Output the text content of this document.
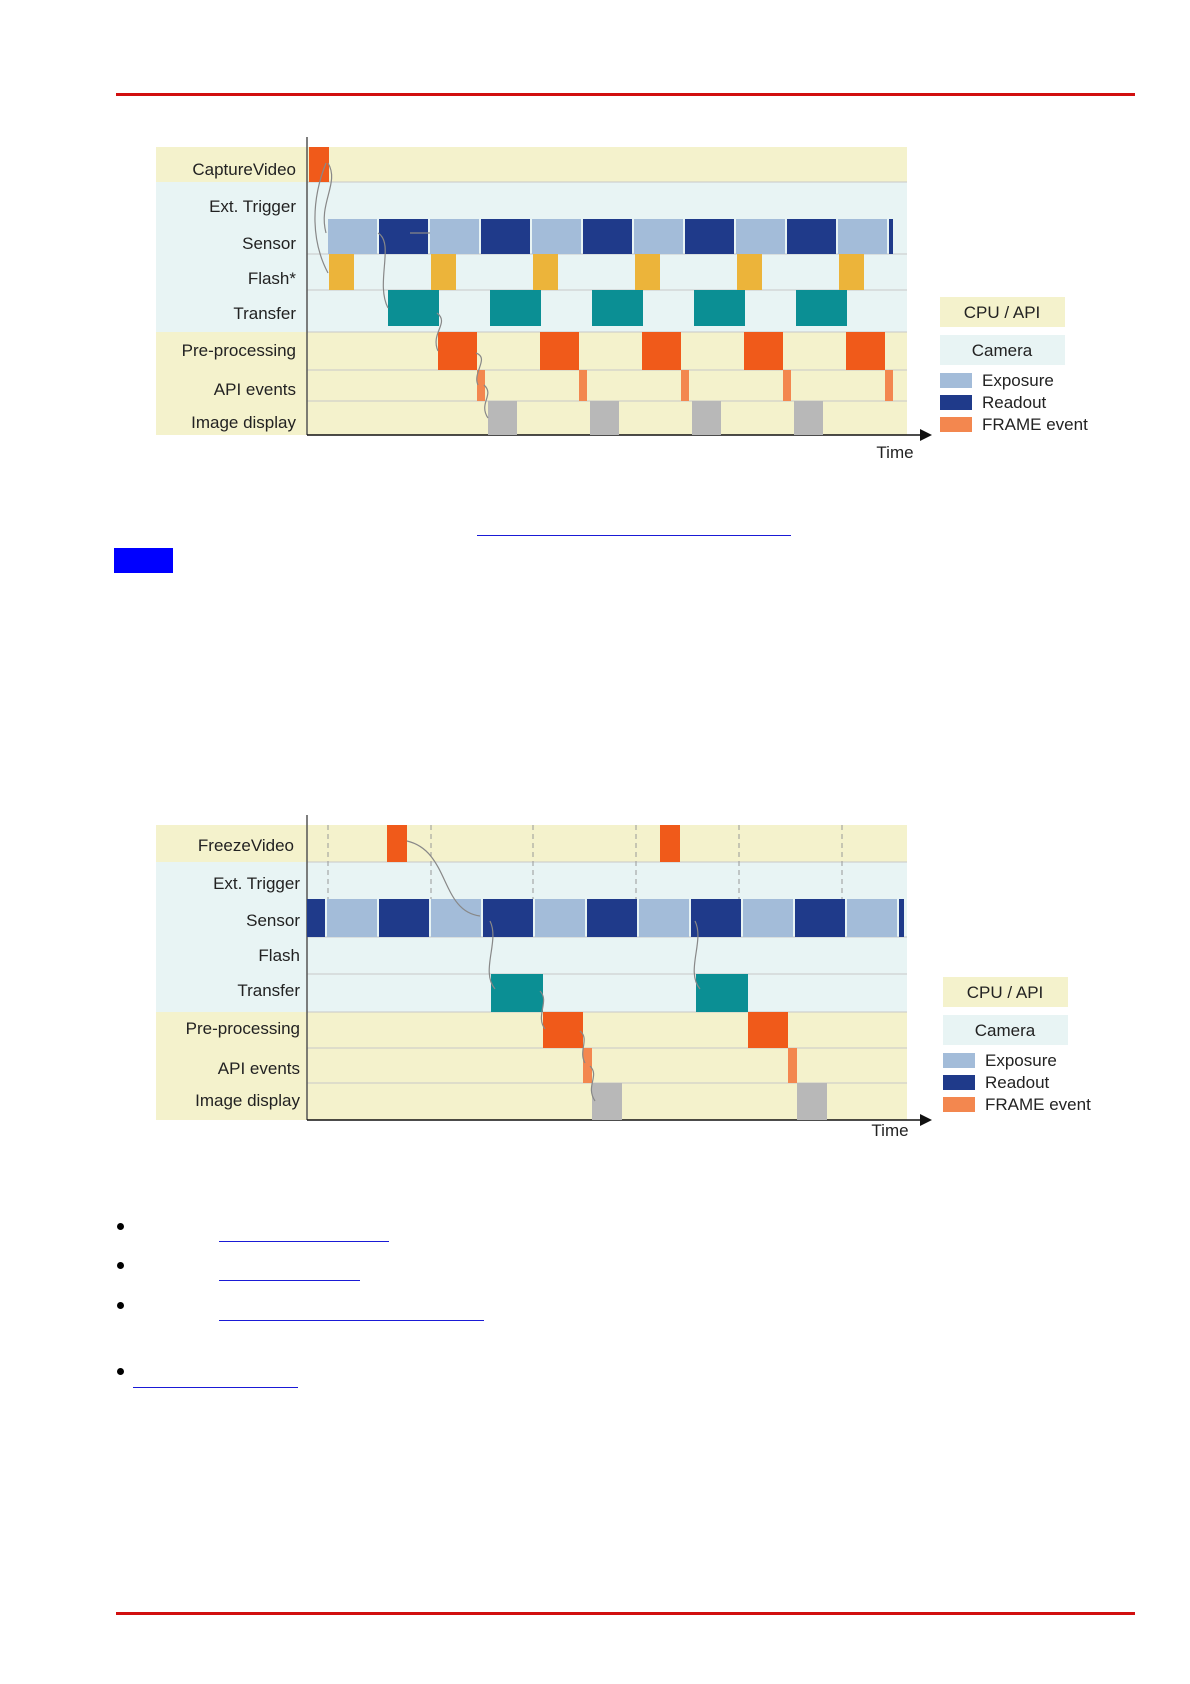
CaptureVideo
Ext. Trigger
Sensor
Flash*
Transfer
Pre-processing
API events
Image display
Time
CPU / API
Camera
Exposure
Readout
FRAME event
FreezeVideo
Ext. Trigger
Sensor
Flash
Transfer
Pre-processing
API events
Image display
Time
CPU / API
Camera
Exposure
Readout
FRAME event
